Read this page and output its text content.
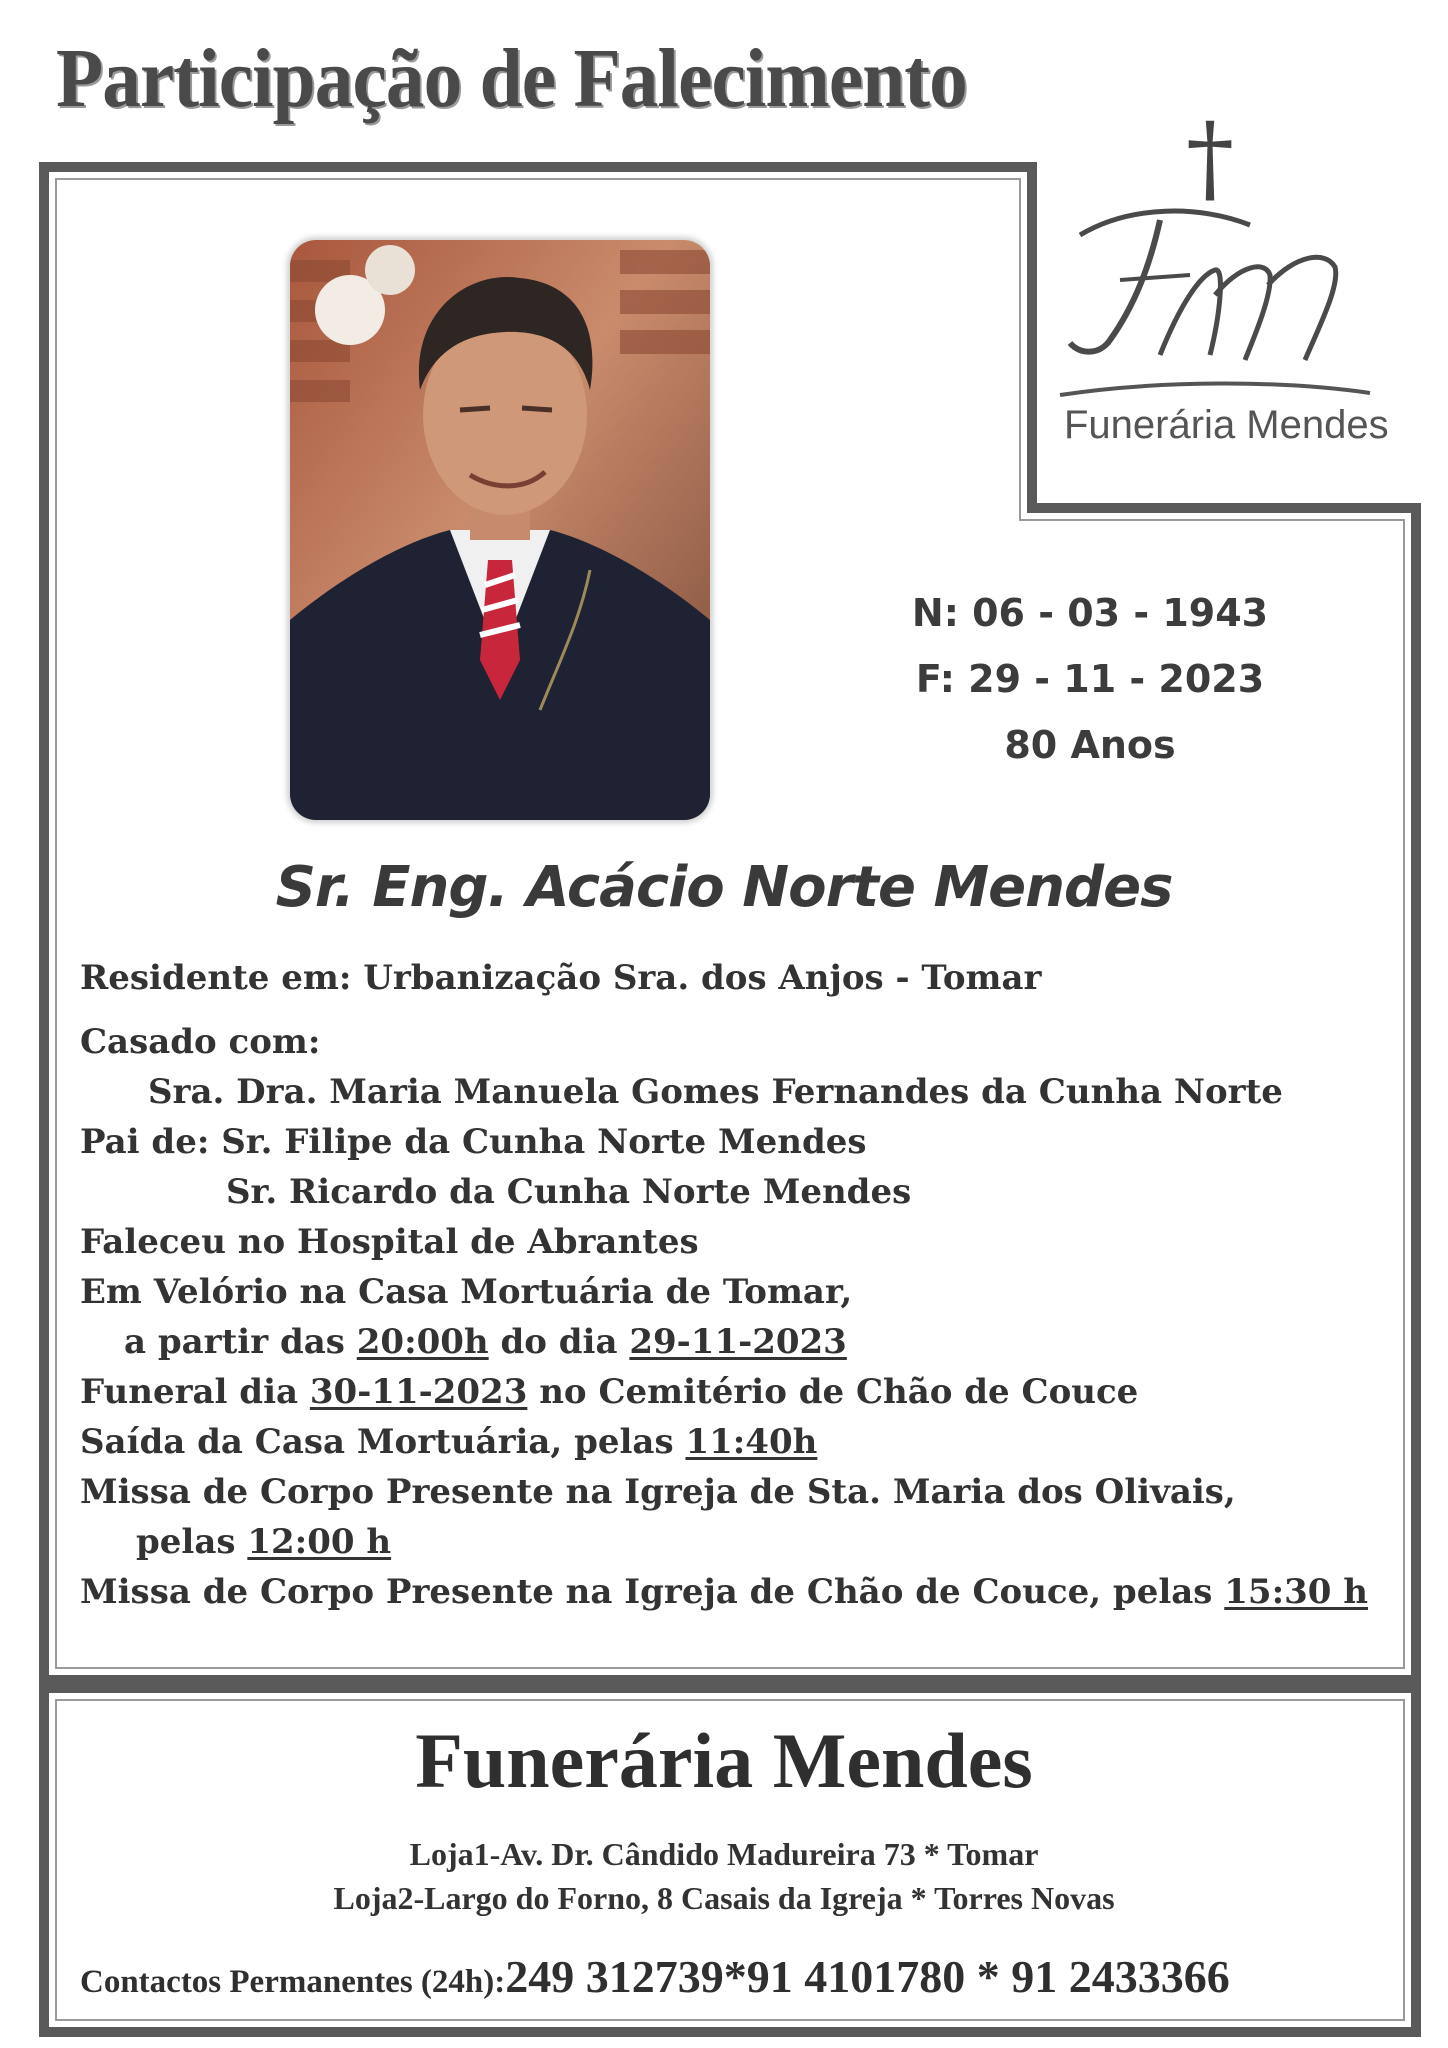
Participação de Falecimento
†
Funerária Mendes
N: 06 - 03 - 1943
F: 29 - 11 - 2023
80 Anos
Sr. Eng. Acácio Norte Mendes
Residente em: Urbanização Sra. dos Anjos - Tomar
Casado com:
Sra. Dra. Maria Manuela Gomes Fernandes da Cunha Norte
Pai de: Sr. Filipe da Cunha Norte Mendes
Sr. Ricardo da Cunha Norte Mendes
Faleceu no Hospital de Abrantes
Em Velório na Casa Mortuária de Tomar,
a partir das 20:00h do dia 29-11-2023
Funeral dia 30-11-2023 no Cemitério de Chão de Couce
Saída da Casa Mortuária, pelas 11:40h
Missa de Corpo Presente na Igreja de Sta. Maria dos Olivais,
pelas 12:00 h
Missa de Corpo Presente na Igreja de Chão de Couce, pelas 15:30 h
Funerária Mendes
Loja1-Av. Dr. Cândido Madureira 73 * Tomar
Loja2-Largo do Forno, 8 Casais da Igreja * Torres Novas
Contactos Permanentes (24h):249 312739*91 4101780 * 91 2433366
